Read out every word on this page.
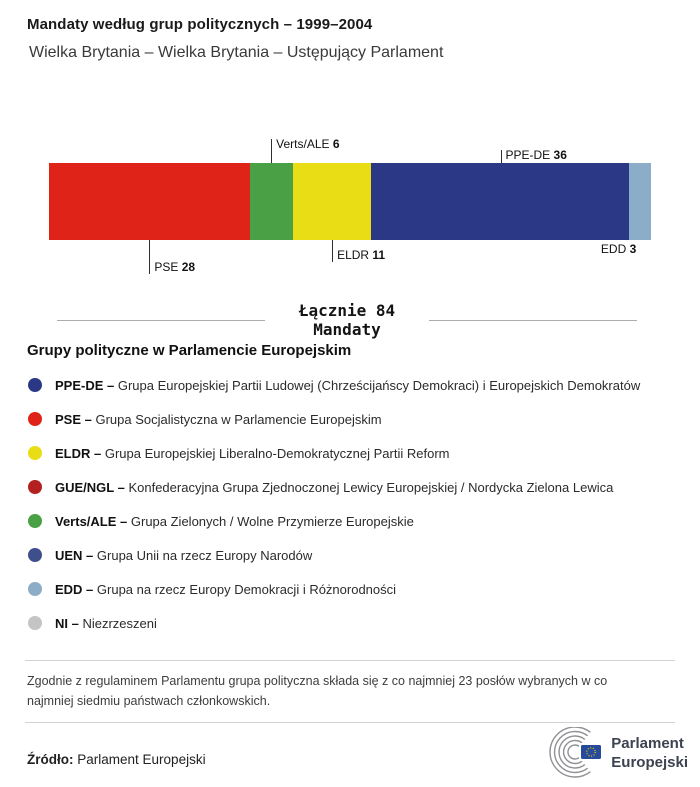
Mandaty według grup politycznych – 1999–2004
Wielka Brytania – Wielka Brytania – Ustępujący Parlament
PSE 28
Verts/ALE 6
ELDR 11
PPE-DE 36
EDD 3
Łącznie 84
Mandaty
Grupy polityczne w Parlamencie Europejskim
PPE-DE – Grupa Europejskiej Partii Ludowej (Chrześcijańscy Demokraci) i Europejskich Demokratów
PSE – Grupa Socjalistyczna w Parlamencie Europejskim
ELDR – Grupa Europejskiej Liberalno-Demokratycznej Partii Reform
GUE/NGL – Konfederacyjna Grupa Zjednoczonej Lewicy Europejskiej / Nordycka Zielona Lewica
Verts/ALE – Grupa Zielonych / Wolne Przymierze Europejskie
UEN – Grupa Unii na rzecz Europy Narodów
EDD – Grupa na rzecz Europy Demokracji i Różnorodności
NI – Niezrzeszeni

Zgodnie z regulaminem Parlamentu grupa polityczna składa się z co najmniej 23 posłów wybranych w co najmniej siedmiu państwach członkowskich.

Źródło: Parlament Europejski

Parlament
Europejski
